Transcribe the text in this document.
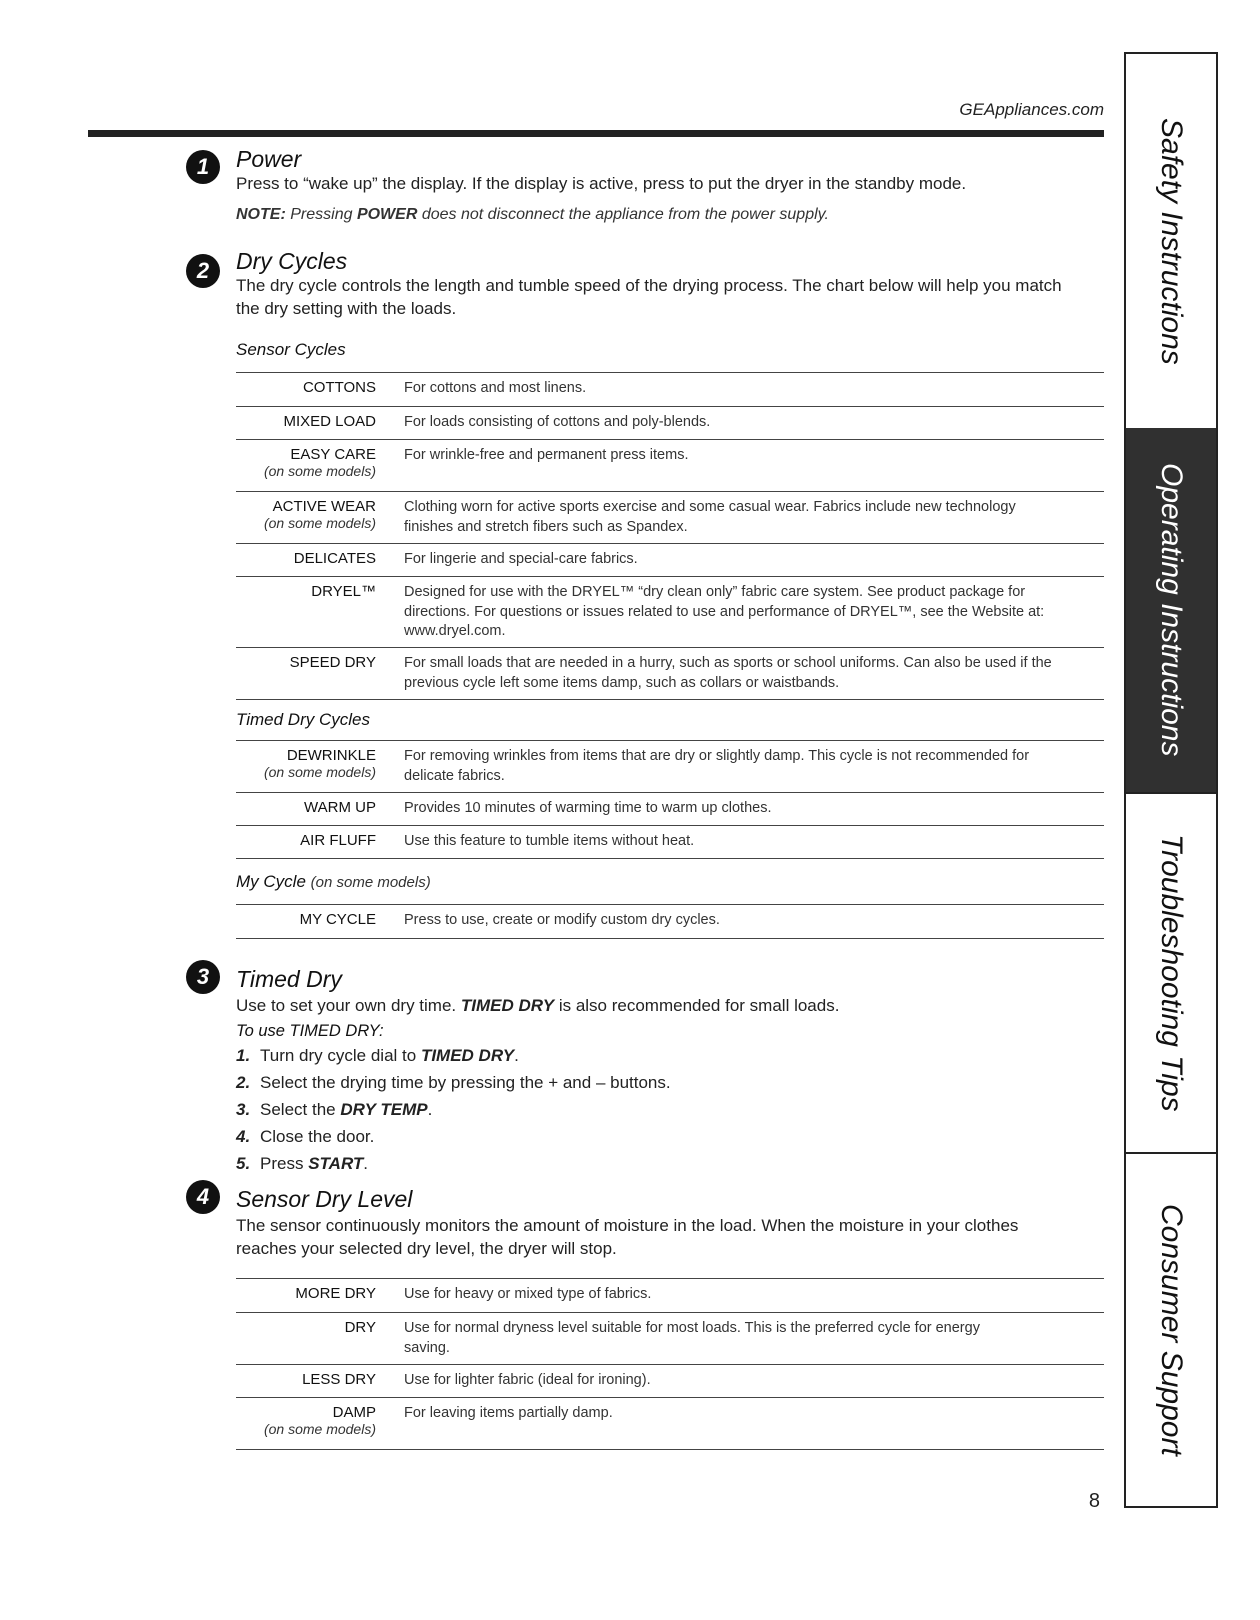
GEAppliances.com
1	Power

Press to “wake up” the display. If the display is active, press to put the dryer in the standby mode.

NOTE: Pressing POWER does not disconnect the appliance from the power supply.

2	Dry Cycles

The dry cycle controls the length and tumble speed of the drying process. The chart below will help you match the dry setting with the loads.

Sensor Cycles

COTTONS	For cottons and most linens.
MIXED LOAD	For loads consisting of cottons and poly-blends.
EASY CARE
(on some models)	For wrinkle-free and permanent press items.
ACTIVE WEAR
(on some models)	Clothing worn for active sports exercise and some casual wear. Fabrics include new technology finishes and stretch fibers such as Spandex.
DELICATES	For lingerie and special-care fabrics.
DRYEL™	Designed for use with the DRYEL™ “dry clean only” fabric care system. See product package for directions. For questions or issues related to use and performance of DRYEL™, see the Website at: www.dryel.com.
SPEED DRY	For small loads that are needed in a hurry, such as sports or school uniforms. Can also be used if the previous cycle left some items damp, such as collars or waistbands.

Timed Dry Cycles

DEWRINKLE
(on some models)	For removing wrinkles from items that are dry or slightly damp. This cycle is not recommended for delicate fabrics.
WARM UP	Provides 10 minutes of warming time to warm up clothes.
AIR FLUFF	Use this feature to tumble items without heat.

My Cycle (on some models)

MY CYCLE	Press to use, create or modify custom dry cycles.
3	Timed Dry

Use to set your own dry time. TIMED DRY is also recommended for small loads.

To use TIMED DRY:

1. Turn dry cycle dial to TIMED DRY.
2. Select the drying time by pressing the + and – buttons.
3. Select the DRY TEMP.
4. Close the door.
5. Press START.
4	Sensor Dry Level

The sensor continuously monitors the amount of moisture in the load. When the moisture in your clothes reaches your selected dry level, the dryer will stop.

MORE DRY	Use for heavy or mixed type of fabrics.
DRY	Use for normal dryness level suitable for most loads. This is the preferred cycle for energy saving.
LESS DRY	Use for lighter fabric (ideal for ironing).
DAMP
(on some models)	For leaving items partially damp.
8
Safety Instructions
Operating Instructions
Troubleshooting Tips
Consumer Support
